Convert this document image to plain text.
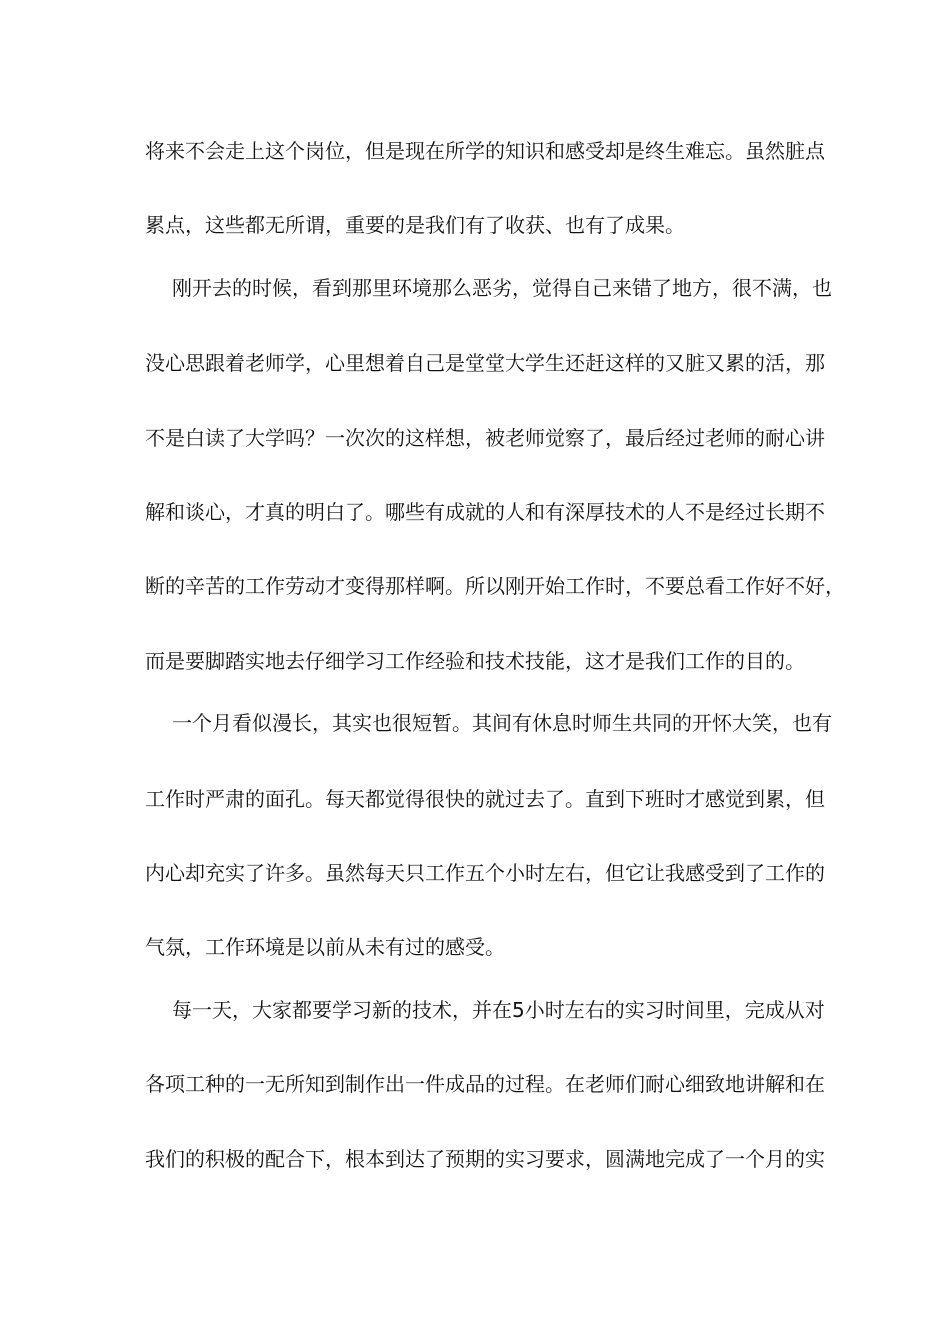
将来不会走上这个岗位，但是现在所学的知识和感受却是终生难忘。虽然脏点
累点，这些都无所谓，重要的是我们有了收获、也有了成果。
刚开去的时候，看到那里环境那么恶劣，觉得自己来错了地方，很不满，也
没心思跟着老师学，心里想着自己是堂堂大学生还赶这样的又脏又累的活，那
不是白读了大学吗？一次次的这样想，被老师觉察了，最后经过老师的耐心讲
解和谈心，才真的明白了。哪些有成就的人和有深厚技术的人不是经过长期不
断的辛苦的工作劳动才变得那样啊。所以刚开始工作时，不要总看工作好不好，
而是要脚踏实地去仔细学习工作经验和技术技能，这才是我们工作的目的。
一个月看似漫长，其实也很短暂。其间有休息时师生共同的开怀大笑，也有
工作时严肃的面孔。每天都觉得很快的就过去了。直到下班时才感觉到累，但
内心却充实了许多。虽然每天只工作五个小时左右，但它让我感受到了工作的
气氛，工作环境是以前从未有过的感受。
每一天，大家都要学习新的技术，并在5小时左右的实习时间里，完成从对
各项工种的一无所知到制作出一件成品的过程。在老师们耐心细致地讲解和在
我们的积极的配合下，根本到达了预期的实习要求，圆满地完成了一个月的实
